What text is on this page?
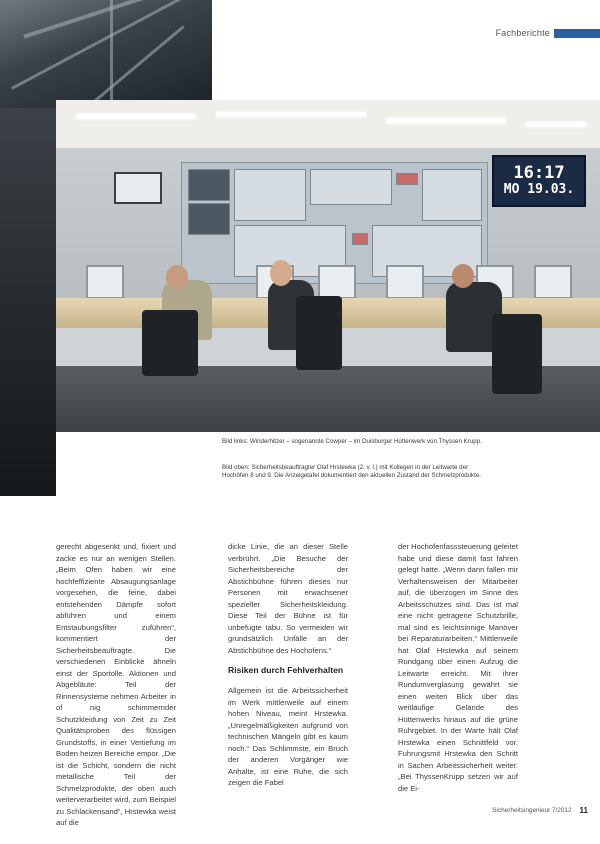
Fachberichte
16:17
MO 19.03.

Bild links: Winderhitzer – sogenannte Cowper – im Duisburger Hüttenwerk von Thyssen Krupp.

Bild oben: Sicherheitsbeauftragter Olaf Hrstewka (2. v. l.) mit Kollegen in der Leitwarte der Hochöfen 8 und 9. Die Anzeigetafel dokumentiert den aktuellen Zustand der Schmelzprodukte.

gerecht abgesenkt und, fixiert und zacke es nur an wenigen Stellen. „Beim Ofen haben wir eine hochfeffiziente Absaugungsanlage vorgesehen, die feine, dabei entstehenden Dämpfe sofort abführen und einem Entstaubungsfilter zuführen“, kommentiert der Sicherheitsbeauftragte. Die verschiedenen Einblicke ähneln einst der Sportolle. Aktionen und Abgebläute: Teil der Rinnensysteme nehmen Arbeiter in of nig schimmernder Schutzkleidung von Zeit zu Zeit Qualitätsproben des flüssigen Grundstoffs, in einer Vertiefung im Boden heizen Bereiche empor. „Die ist die Schicht, sondern die nicht metallische Teil der Schmelzprodukte, der oben auch weiterverarbeitet wird, zum Beispiel zu Schlackensand“, Hrstewka weist auf die

dicke Linie, die an dieser Stelle verbrührt. „Die Besuche der Sicherheitsbereiche der Abstichbühne führen dieses nur Personen mit erwachsener spezieller Sicherheitskleidung. Diese Teil der Bühne ist für unbefugte tabu. So vermeiden wir grundsätzlich Unfälle an der Abstichbühne des Hochofens.“

Risiken durch Fehlverhalten

Allgemein ist die Arbeitssicherheit im Werk mittlerweile auf einem hohen Niveau, meint Hrstewka. „Unregelmäßigkeiten aufgrund von technischen Mängeln gibt es kaum noch.“ Das Schlimmste, ein Bruch der anderen Vorgänger wie Anhalte, ist eine Ruhe, die sich zeigen die Fabel

der Hochofenfasssteuerung geleitet habe und diese damit fast fahren gelegt hatte. „Wenn dann fallen mir Verhaltensweisen der Mitarbeiter auf, die überzogen im Sinne des Arbeitsschutzes sind. Das ist mal eine nicht getragene Schutzbrille, mal sind es leichtsinnige Manöver bei Reparaturarbeiten.“ Mittlerweile hat Olaf Hrstewka auf seinem Rundgang über einen Aufzug die Leitwarte erreicht. Mit ihrer Rundumverglasung gewährt sie einen weiten Blick über das weitläufige Gelände des Hüttenwerks hinaus auf die grüne Ruhrgebiet. In der Warte hält Olaf Hrstewka einen Schnittfeld vor. Fuhrungsmit Hrstewka den Schritt in Sachen Arbeitssicherheit weiter. „Bei ThyssenKrupp setzen wir auf die Ei-

Sicherheitsingenieur 7/2012 11
